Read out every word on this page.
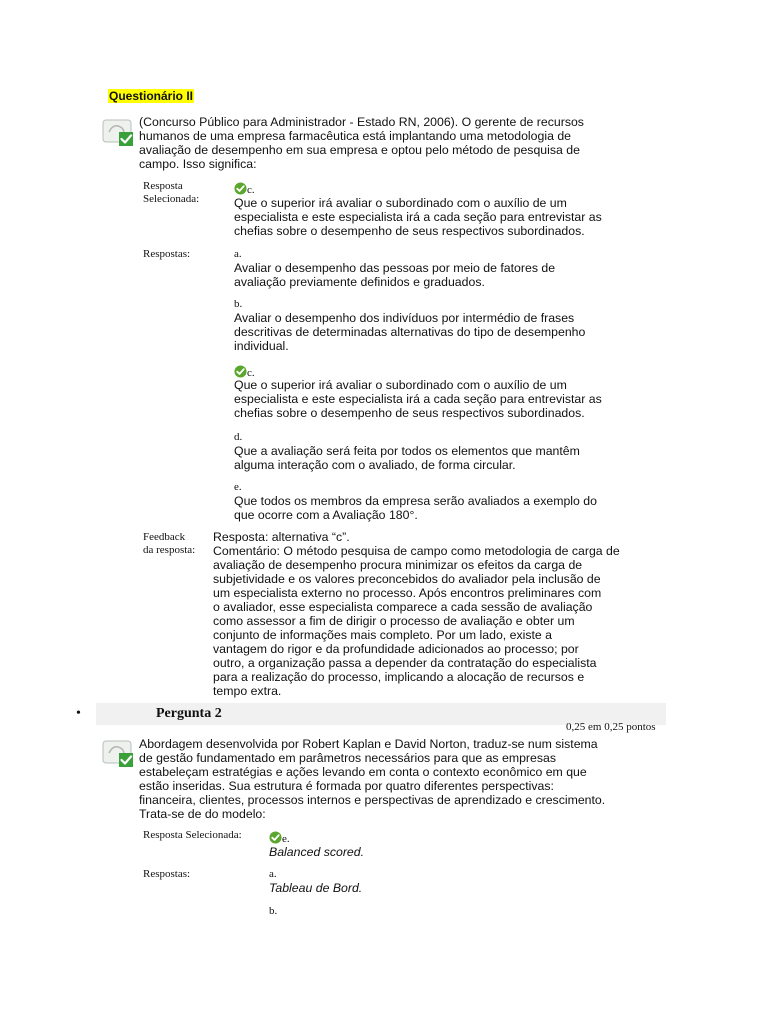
Questionário II
(Concurso Público para Administrador - Estado RN, 2006). O gerente de recursos
humanos de uma empresa farmacêutica está implantando uma metodologia de
avaliação de desempenho em sua empresa e optou pelo método de pesquisa de
campo. Isso significa:
Resposta
Selecionada:
c.
Que o superior irá avaliar o subordinado com o auxílio de um
especialista e este especialista irá a cada seção para entrevistar as
chefias sobre o desempenho de seus respectivos subordinados.
Respostas:	a.
Avaliar o desempenho das pessoas por meio de fatores de
avaliação previamente definidos e graduados.
b.
Avaliar o desempenho dos indivíduos por intermédio de frases
descritivas de determinadas alternativas do tipo de desempenho
individual.
c.
Que o superior irá avaliar o subordinado com o auxílio de um
especialista e este especialista irá a cada seção para entrevistar as
chefias sobre o desempenho de seus respectivos subordinados.
d.
Que a avaliação será feita por todos os elementos que mantêm
alguma interação com o avaliado, de forma circular.
e.
Que todos os membros da empresa serão avaliados a exemplo do
que ocorre com a Avaliação 180°.
Feedback
da resposta:
Resposta: alternativa “c”.
Comentário: O método pesquisa de campo como metodologia de carga de
avaliação de desempenho procura minimizar os efeitos da carga de
subjetividade e os valores preconcebidos do avaliador pela inclusão de
um especialista externo no processo. Após encontros preliminares com
o avaliador, esse especialista comparece a cada sessão de avaliação
como assessor a fim de dirigir o processo de avaliação e obter um
conjunto de informações mais completo. Por um lado, existe a
vantagem do rigor e da profundidade adicionados ao processo; por
outro, a organização passa a depender da contratação do especialista
para a realização do processo, implicando a alocação de recursos e
tempo extra.
•	Pergunta 2
0,25 em 0,25 pontos
Abordagem desenvolvida por Robert Kaplan e David Norton, traduz-se num sistema
de gestão fundamentado em parâmetros necessários para que as empresas
estabeleçam estratégias e ações levando em conta o contexto econômico em que
estão inseridas. Sua estrutura é formada por quatro diferentes perspectivas:
financeira, clientes, processos internos e perspectivas de aprendizado e crescimento.
Trata-se de do modelo:
Resposta Selecionada:	e.
Balanced scored.
Respostas:	a.
Tableau de Bord.
b.
